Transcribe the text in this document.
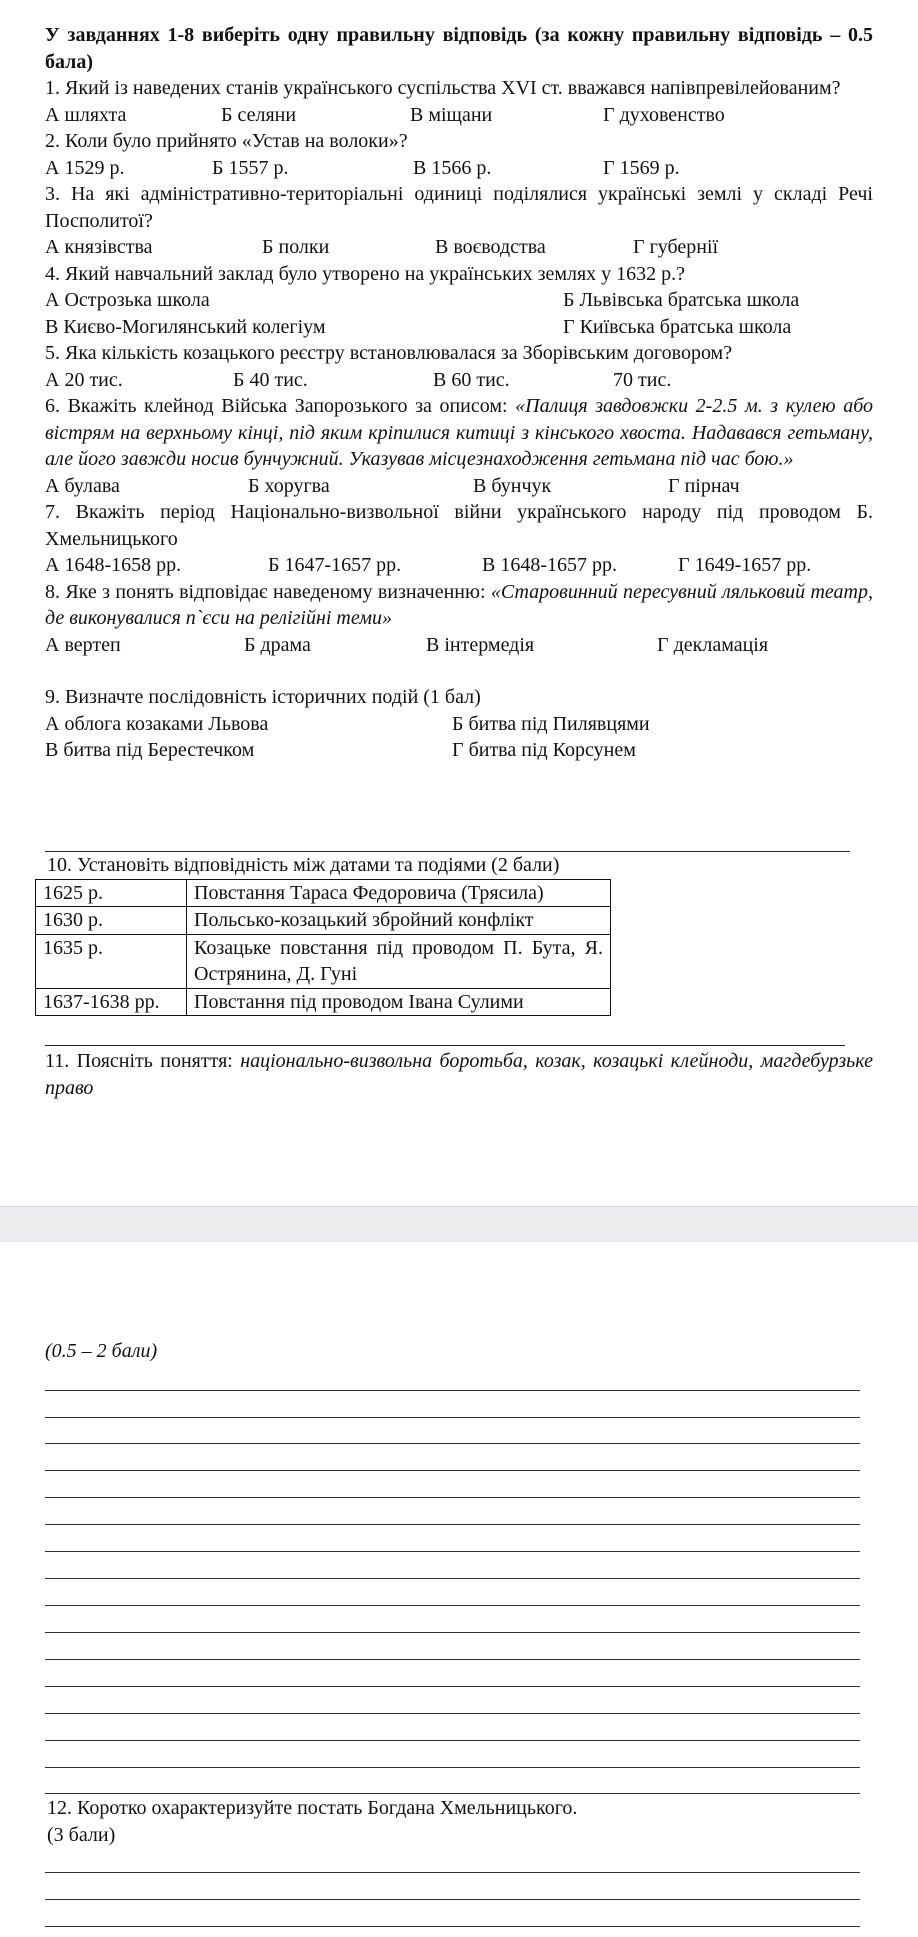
У завданнях 1-8 виберіть одну правильну відповідь (за кожну правильну відповідь – 0.5 бала)

1. Який із наведених станів українського суспільства XVI ст. вважався напівпревілейованим?

А шляхта	Б селяни	В міщани	Г духовенство

2. Коли було прийнято «Устав на волоки»?

А 1529 р.	Б 1557 р.	В 1566 р.	Г 1569 р.

3. На які адміністративно-територіальні одиниці поділялися українські землі у складі Речі Посполитої?

А князівства	Б полки	В воєводства	Г губернії

4. Який навчальний заклад було утворено на українських землях у 1632 р.?

А Острозька школа	Б Львівська братська школа
В Києво-Могилянський колегіум	Г Київська братська школа

5. Яка кількість козацького реєстру встановлювалася за Зборівським договором?

А 20 тис.	Б 40 тис.	В 60 тис.	70 тис.

6. Вкажіть клейнод Війська Запорозького за описом: «Палиця завдовжки 2-2.5 м. з кулею або вістрям на верхньому кінці, під яким кріпилися китиці з кінського хвоста. Надавався гетьману, але його завжди носив бунчужний. Указував місцезнаходження гетьмана під час бою.»

А булава	Б хоругва	В бунчук	Г пірнач

7. Вкажіть період Національно-визвольної війни українського народу під проводом Б. Хмельницького

А 1648-1658 рр.	Б 1647-1657 рр.	В 1648-1657 рр.	Г 1649-1657 рр.

8. Яке з понять відповідає наведеному визначенню: «Старовинний пересувний ляльковий театр, де виконувалися п`єси на релігійні теми»

А вертеп	Б драма	В інтермедія	Г декламація

9. Визначте послідовність історичних подій (1 бал)

А облога козаками Львова	Б битва під Пилявцями
В битва під Берестечком	Г битва під Корсунем

10. Установіть відповідність між датами та подіями (2 бали)

1625 р.	Повстання Тараса Федоровича (Трясила)
1630 р.	Польсько-козацький збройний конфлікт
1635 р.	Козацьке повстання під проводом П. Бута, Я. Острянина, Д. Гуні
1637-1638 рр.	Повстання під проводом Івана Сулими

11. Поясніть поняття: національно-визвольна боротьба, козак, козацькі клейноди, магдебурзьке право

(0.5 – 2 бали)

12. Коротко охарактеризуйте постать Богдана Хмельницького.

(3 бали)
